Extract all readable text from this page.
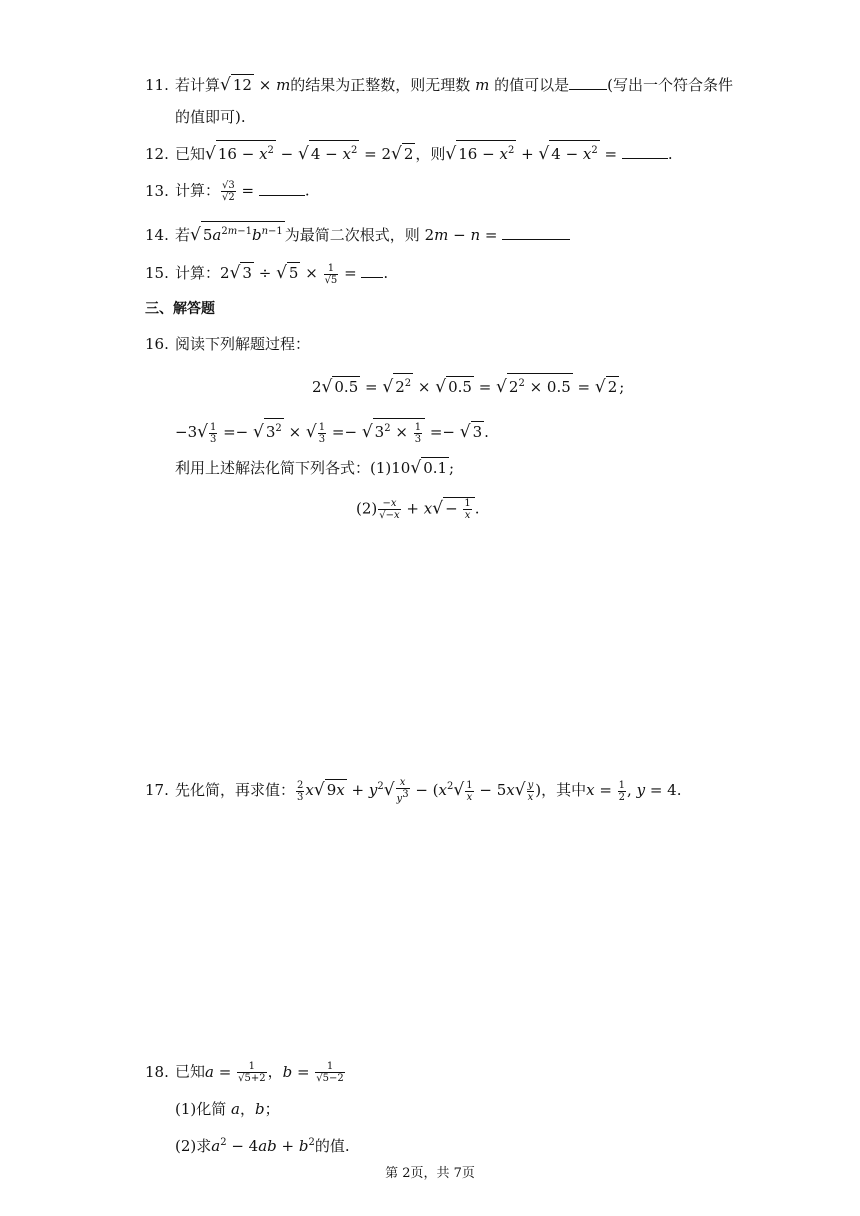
11. 若计算√ 12 × m的结果为正整数，则无理数 m 的值可以是	(写出一个符合条件
的值即可).
12. 已知√ $16 - x^2$ − √ $4 - x^2 = 2√$ 2 ，则√ $16 - x^2$ + √ $4 - x^2$ =	.
13. 计算： $\frac{√3}{√2}$ =	.
14. 若√ $5a^{2m-1}b^{n-1}$ 为最简二次根式，则 2m − n =
15. 计算：2√ 3 ÷ √ $5 \times \frac{1}{√5}$ = .
三、解答题
16. 阅读下列解题过程：
2√ 0.5 = √ $2^2$ × √ 0.5 = √ $2^2 \times 0.5$ = √ 2 ;
$-3√ \frac{1}{3}$ =− √ $3^2$ × √ $\frac{1}{3}$ =− √ $3^2 \times \frac{1}{3}$ =− √ 3 .
利用上述解法化简下列各式：(1)10√ 0.1 ;
$(2) \frac{-x}{√-x} + x√ - \frac{1}{x}$ .
17. 先化简，再求值： $\frac{2}{3} x√$ $9x + y^2√ \frac{x}{y^3} - (x^2√ \frac{1}{x} - 5x√ \frac{y}{x}$ )，其中$x = \frac{1}{2}$ , y = 4.
18. 已知$a = \frac{1}{√5+2}$ ，$b = \frac{1}{√5-2}$
(1)化简 a，b；
(2)求$a^2 - 4ab + b^2$的值.
第 2页，共 7页
